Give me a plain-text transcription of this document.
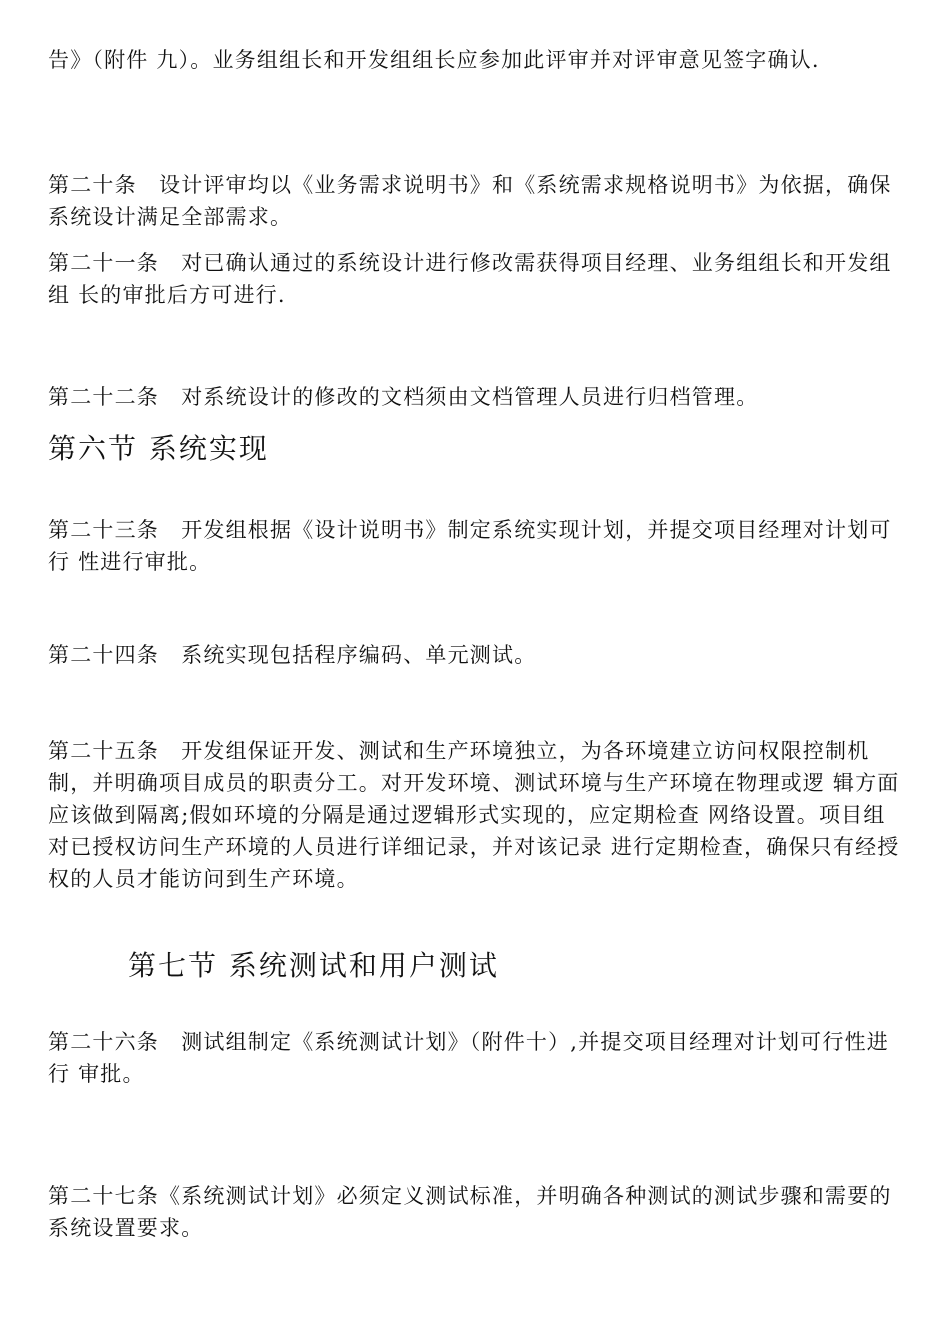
告》（附件 九）。业务组组长和开发组组长应参加此评审并对评审意见签字确认.

第二十条　设计评审均以《业务需求说明书》和《系统需求规格说明书》为依据，确保 系统设计满足全部需求。

第二十一条　对已确认通过的系统设计进行修改需获得项目经理、业务组组长和开发组组 长的审批后方可进行.

第二十二条　对系统设计的修改的文档须由文档管理人员进行归档管理。

第六节 系统实现

第二十三条　开发组根据《设计说明书》制定系统实现计划，并提交项目经理对计划可行 性进行审批。

第二十四条　系统实现包括程序编码、单元测试。

第二十五条　开发组保证开发、测试和生产环境独立，为各环境建立访问权限控制机制，并明确项目成员的职责分工。对开发环境、测试环境与生产环境在物理或逻 辑方面应该做到隔离;假如环境的分隔是通过逻辑形式实现的，应定期检查 网络设置。项目组对已授权访问生产环境的人员进行详细记录，并对该记录 进行定期检查，确保只有经授权的人员才能访问到生产环境。

第七节 系统测试和用户测试

第二十六条　测试组制定《系统测试计划》（附件十）,并提交项目经理对计划可行性进行 审批。

第二十七条《系统测试计划》必须定义测试标准，并明确各种测试的测试步骤和需要的 系统设置要求。
